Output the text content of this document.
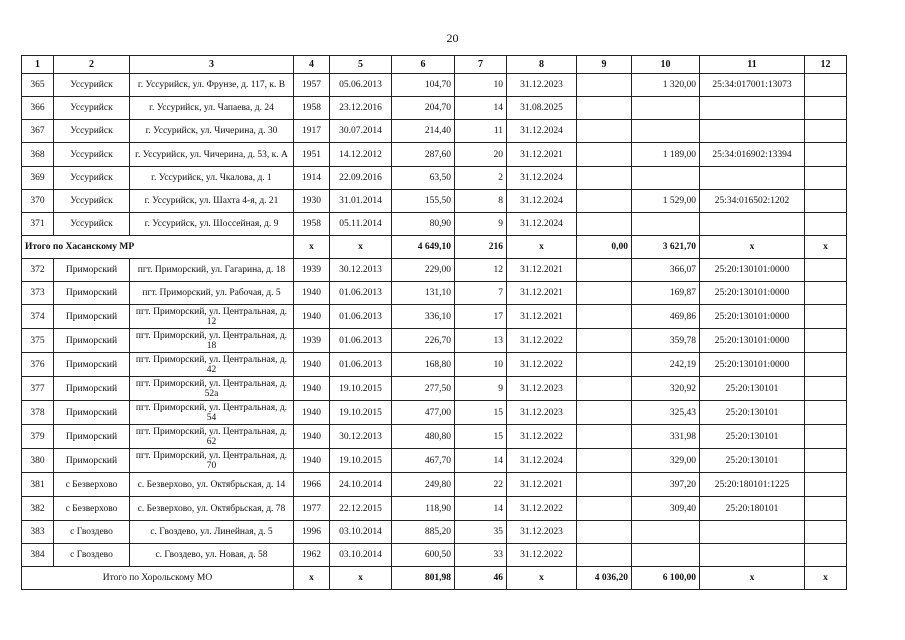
20
1	2	3	4	5	6	7	8	9	10	11	12
365	Уссурийск	г. Уссурийск, ул. Фрунзе, д. 117, к. В	1957	05.06.2013	104,70	10	31.12.2023		1 320,00	25:34:017001:13073	
366	Уссурийск	г. Уссурийск, ул. Чапаева, д. 24	1958	23.12.2016	204,70	14	31.08.2025				
367	Уссурийск	г. Уссурийск, ул. Чичерина, д. 30	1917	30.07.2014	214,40	11	31.12.2024				
368	Уссурийск	г. Уссурийск, ул. Чичерина, д. 53, к. А	1951	14.12.2012	287,60	20	31.12.2021		1 189,00	25:34:016902:13394	
369	Уссурийск	г. Уссурийск, ул. Чкалова, д. 1	1914	22.09.2016	63,50	2	31.12.2024				
370	Уссурийск	г. Уссурийск, ул. Шахта 4-я, д. 21	1930	31.01.2014	155,50	8	31.12.2024		1 529,00	25:34:016502:1202	
371	Уссурийск	г. Уссурийск, ул. Шоссейная, д. 9	1958	05.11.2014	80,90	9	31.12.2024				
Итого по Хасанскому МР			х	х	4 649,10	216	х	0,00	3 621,70	х	х
372	Приморский	пгт. Приморский, ул. Гагарина, д. 18	1939	30.12.2013	229,00	12	31.12.2021		366,07	25:20:130101:0000	
373	Приморский	пгт. Приморский, ул. Рабочая, д. 5	1940	01.06.2013	131,10	7	31.12.2021		169,87	25:20:130101:0000	
374	Приморский	пгт. Приморский, ул. Центральная, д. 12	1940	01.06.2013	336,10	17	31.12.2021		469,86	25:20:130101:0000	
375	Приморский	пгт. Приморский, ул. Центральная, д. 18	1939	01.06.2013	226,70	13	31.12.2022		359,78	25:20:130101:0000	
376	Приморский	пгт. Приморский, ул. Центральная, д. 42	1940	01.06.2013	168,80	10	31.12.2022		242,19	25:20:130101:0000	
377	Приморский	пгт. Приморский, ул. Центральная, д. 52а	1940	19.10.2015	277,50	9	31.12.2023		320,92	25:20:130101	
378	Приморский	пгт. Приморский, ул. Центральная, д. 54	1940	19.10.2015	477,00	15	31.12.2023		325,43	25:20:130101	
379	Приморский	пгт. Приморский, ул. Центральная, д. 62	1940	30.12.2013	480,80	15	31.12.2022		331,98	25:20:130101	
380	Приморский	пгт. Приморский, ул. Центральная, д. 70	1940	19.10.2015	467,70	14	31.12.2024		329,00	25:20:130101	
381	с Безверхово	с. Безверхово, ул. Октябрьская, д. 14	1966	24.10.2014	249,80	22	31.12.2021		397,20	25:20:180101:1225	
382	с Безверхово	с. Безверхово, ул. Октябрьская, д. 78	1977	22.12.2015	118,90	14	31.12.2022		309,40	25:20:180101	
383	с Гвоздево	с. Гвоздево, ул. Линейная, д. 5	1996	03.10.2014	885,20	35	31.12.2023				
384	с Гвоздево	с. Гвоздево, ул. Новая, д. 58	1962	03.10.2014	600,50	33	31.12.2022				
Итого по Хорольскому МО			х	х	801,98	46	х	4 036,20	6 100,00	х	х
